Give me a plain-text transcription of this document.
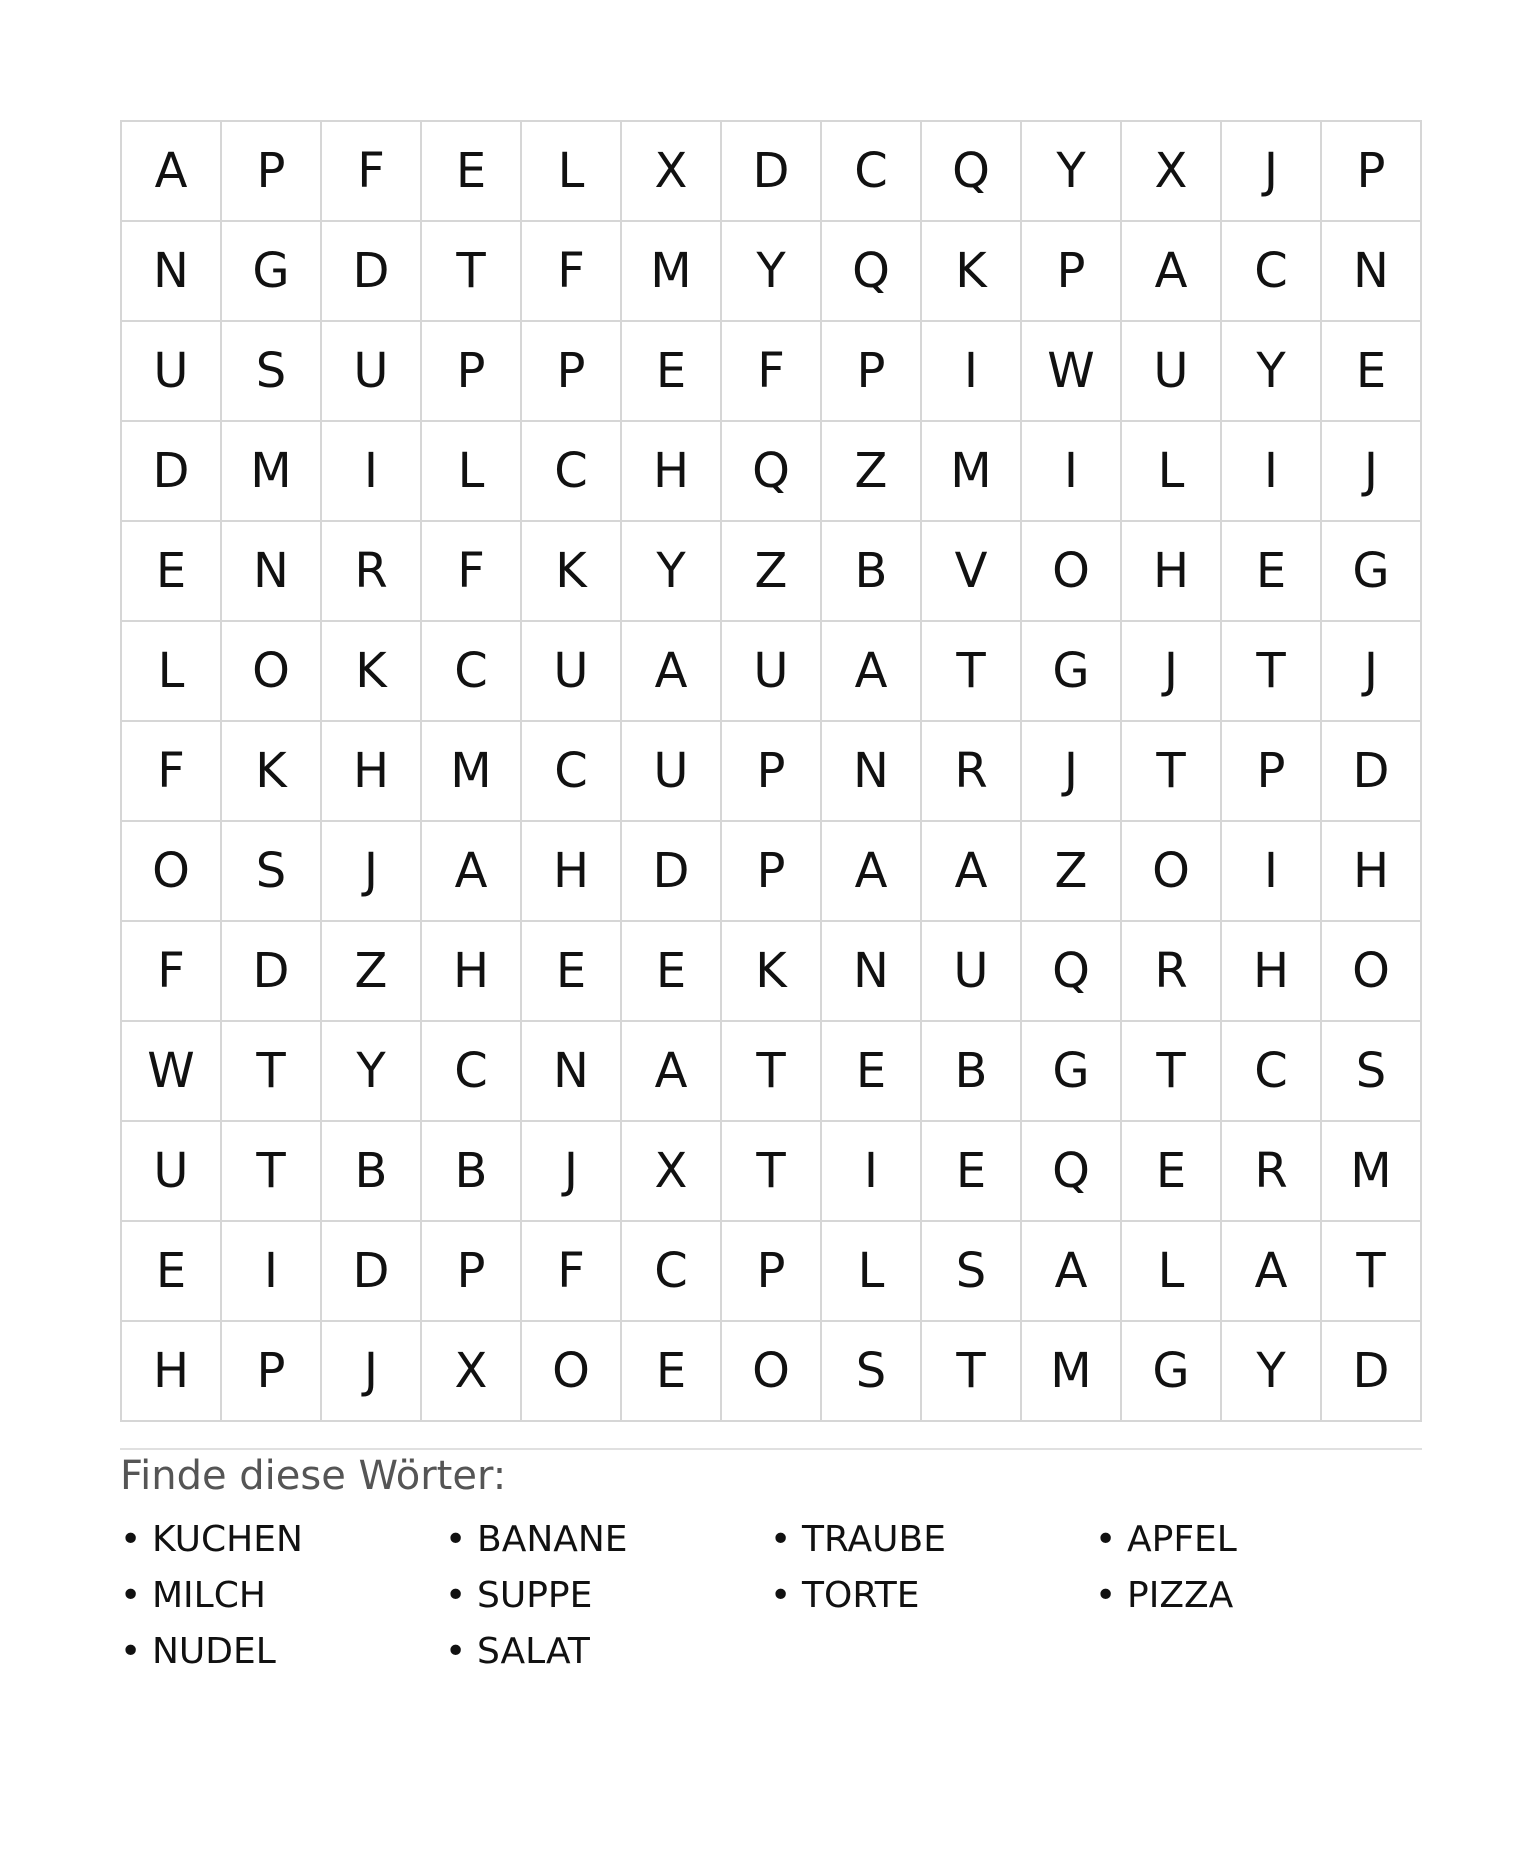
A	P	F	E	L	X	D	C	Q	Y	X	J	P
N	G	D	T	F	M	Y	Q	K	P	A	C	N
U	S	U	P	P	E	F	P	I	W	U	Y	E
D	M	I	L	C	H	Q	Z	M	I	L	I	J
E	N	R	F	K	Y	Z	B	V	O	H	E	G
L	O	K	C	U	A	U	A	T	G	J	T	J
F	K	H	M	C	U	P	N	R	J	T	P	D
O	S	J	A	H	D	P	A	A	Z	O	I	H
F	D	Z	H	E	E	K	N	U	Q	R	H	O
W	T	Y	C	N	A	T	E	B	G	T	C	S
U	T	B	B	J	X	T	I	E	Q	E	R	M
E	I	D	P	F	C	P	L	S	A	L	A	T
H	P	J	X	O	E	O	S	T	M	G	Y	D
Finde diese Wörter:
• KUCHEN	• BANANE	• TRAUBE	• APFEL
• MILCH	• SUPPE	• TORTE	• PIZZA
• NUDEL	• SALAT
